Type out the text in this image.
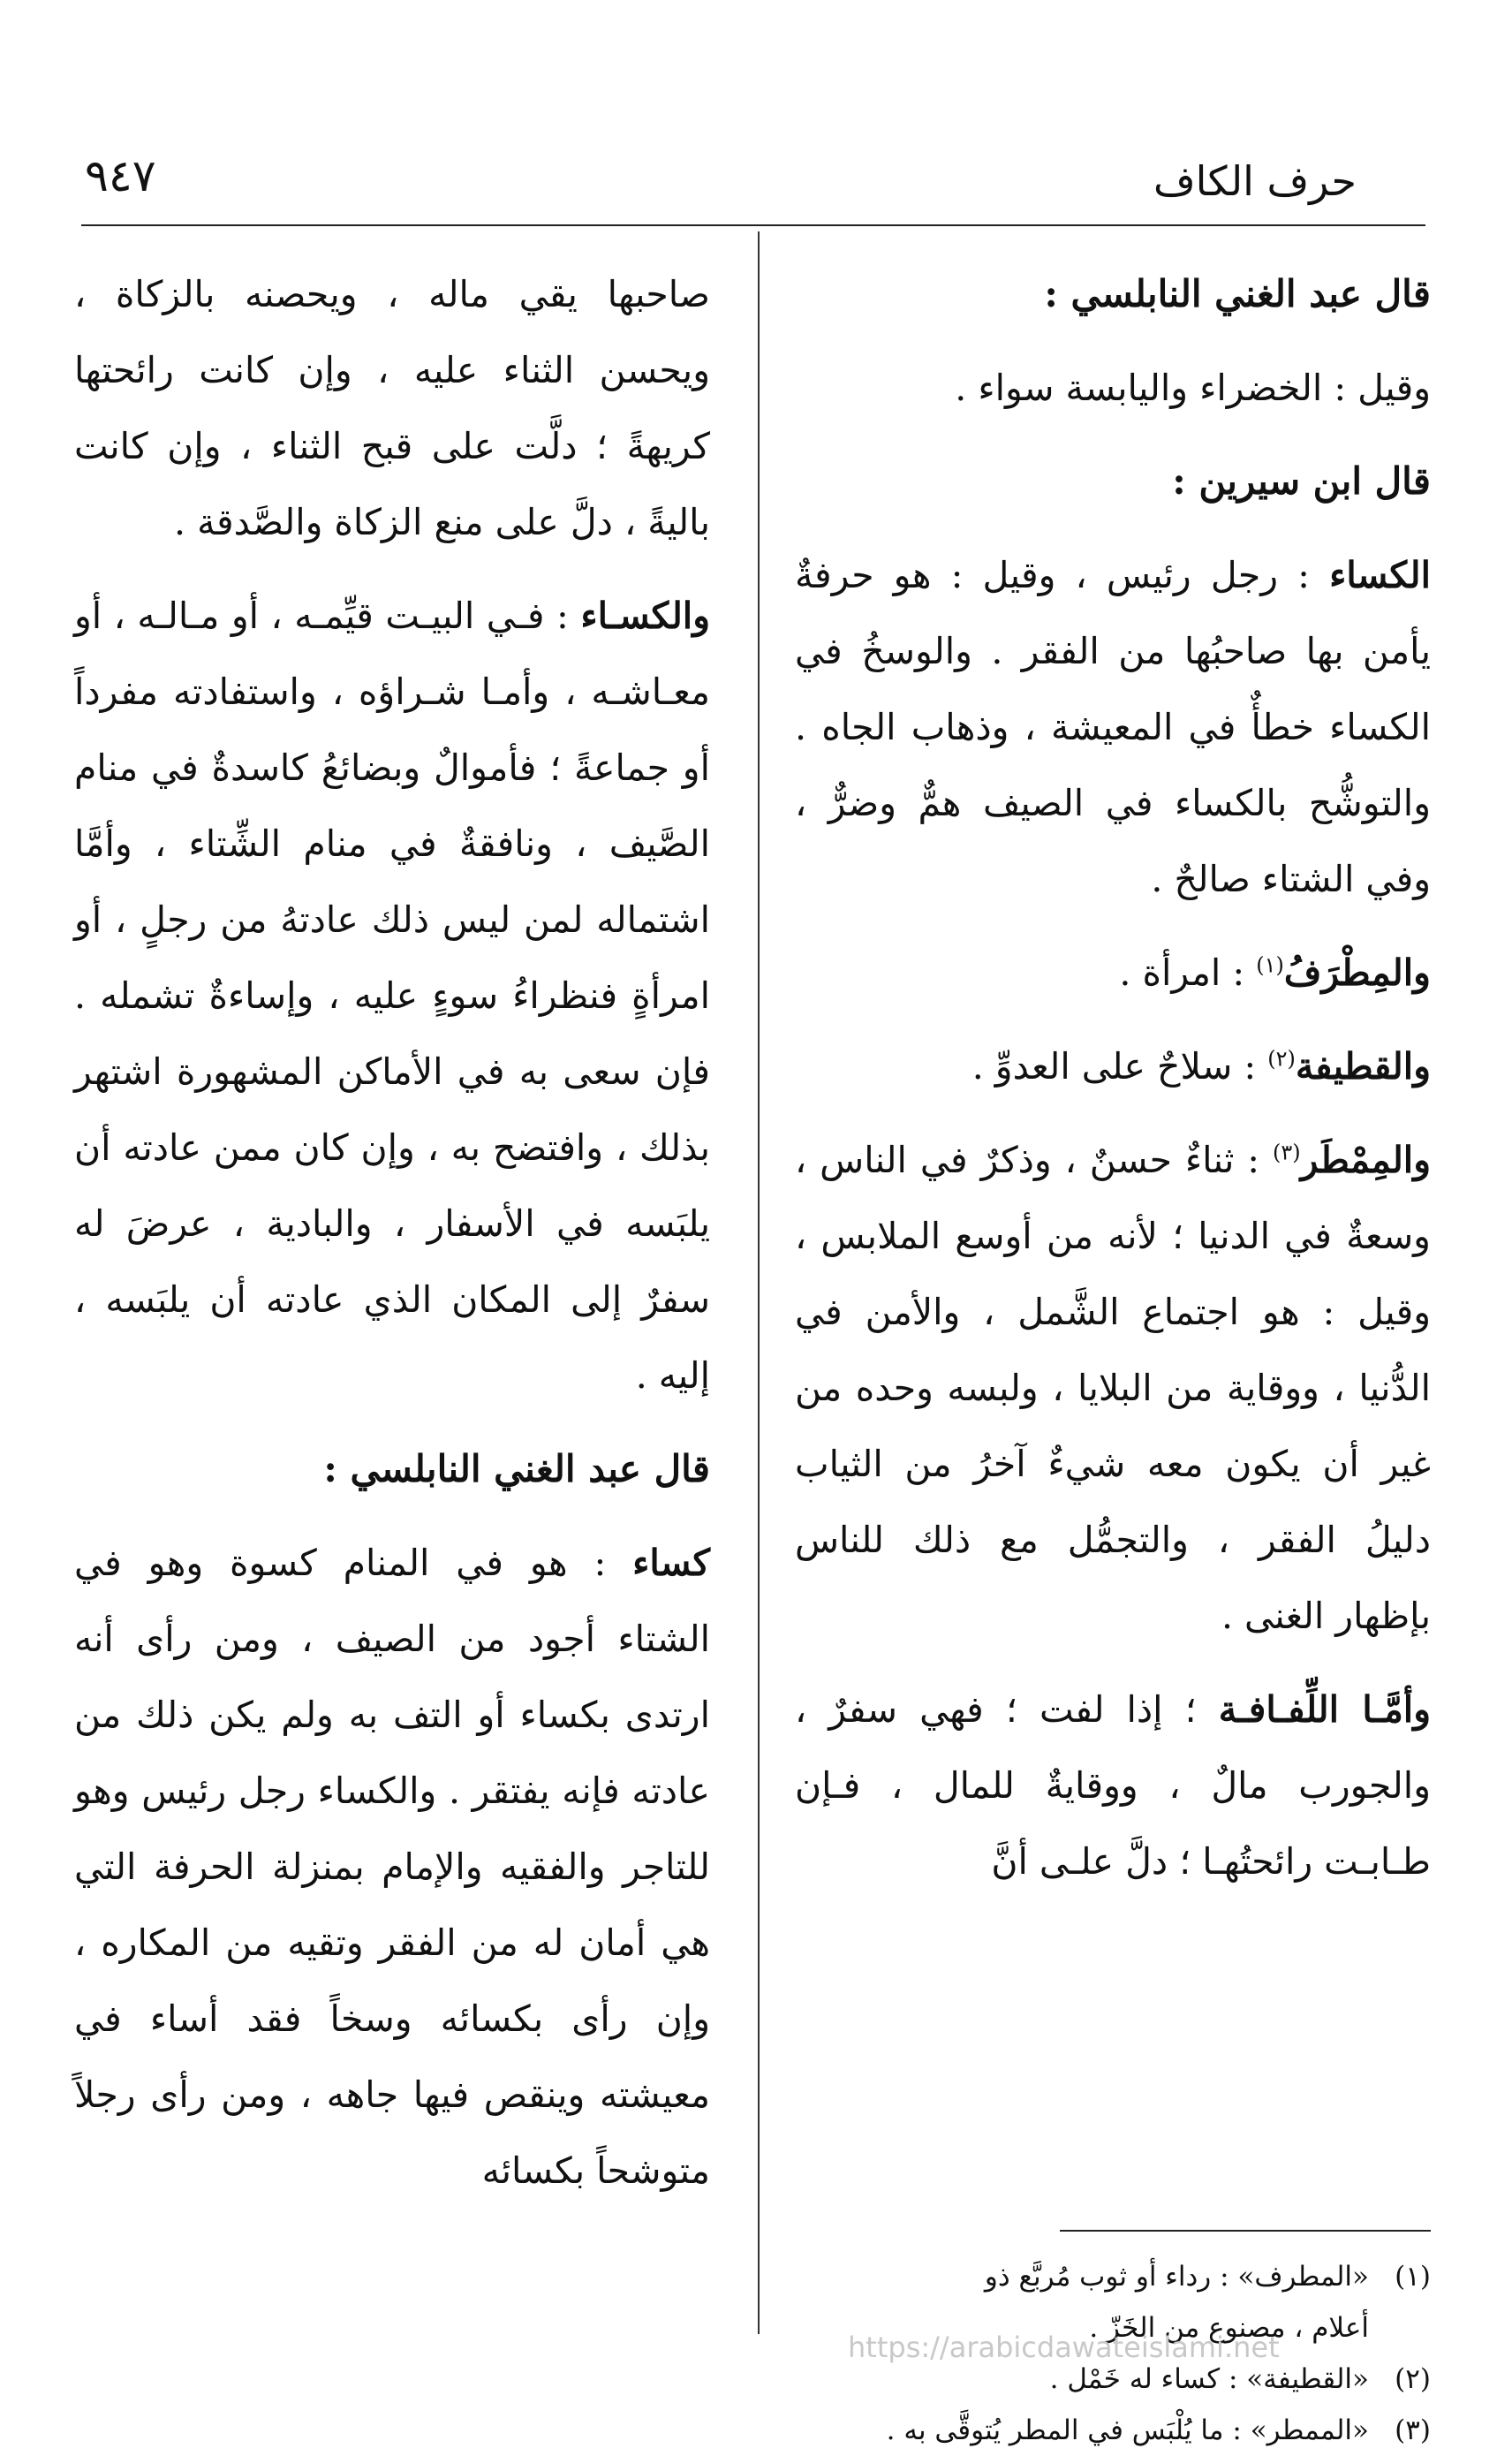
حرف الكاف
٩٤٧
قال عبد الغني النابلسي :
وقيل : الخضراء واليابسة سواء .
قال ابن سيرين :
الكساء : رجل رئيس ، وقيل : هو حرفةٌ يأمن بها صاحبُها من الفقر . والوسخُ في الكساء خطأٌ في المعيشة ، وذهاب الجاه . والتوشُّح بالكساء في الصيف همٌّ وضرٌّ ، وفي الشتاء صالحٌ .
والمِطْرَفُ$^{(١)}$ : امرأة .
والقطيفة$^{(٢)}$ : سلاحٌ على العدوِّ .
والمِمْطَر$^{(٣)}$ : ثناءٌ حسنٌ ، وذكرٌ في الناس ، وسعةٌ في الدنيا ؛ لأنه من أوسع الملابس ، وقيل : هو اجتماع الشَّمل ، والأمن في الدُّنيا ، ووقاية من البلايا ، ولبسه وحده من غير أن يكون معه شيءٌ آخرُ من الثياب دليلُ الفقر ، والتجمُّل مع ذلك للناس بإظهار الغنى .
وأمَّـا اللِّفـافـة ؛ إذا لفت ؛ فهي سفرٌ ، والجورب مالٌ ، ووقايةٌ للمال ، فـإن طـابـت رائحتُهـا ؛ دلَّ علـى أنَّ
صاحبها يقي ماله ، ويحصنه بالزكاة ، ويحسن الثناء عليه ، وإن كانت رائحتها كريهةً ؛ دلَّت على قبح الثناء ، وإن كانت باليةً ، دلَّ على منع الزكاة والصَّدقة .
والكسـاء : فـي البيـت قيِّمـه ، أو مـالـه ، أو معـاشـه ، وأمـا شـراؤه ، واستفادته مفرداً أو جماعةً ؛ فأموالٌ وبضائعُ كاسدةٌ في منام الصَّيف ، ونافقةٌ في منام الشِّتاء ، وأمَّا اشتماله لمن ليس ذلك عادتهُ من رجلٍ ، أو امرأةٍ فنظراءُ سوءٍ عليه ، وإساءةٌ تشمله . فإن سعى به في الأماكن المشهورة اشتهر بذلك ، وافتضح به ، وإن كان ممن عادته أن يلبَسه في الأسفار ، والبادية ، عرضَ له سفرٌ إلى المكان الذي عادته أن يلبَسه ، إليه .
قال عبد الغني النابلسي :
كساء : هو في المنام كسوة وهو في الشتاء أجود من الصيف ، ومن رأى أنه ارتدى بكساء أو التف به ولم يكن ذلك من عادته فإنه يفتقر . والكساء رجل رئيس وهو للتاجر والفقيه والإمام بمنزلة الحرفة التي هي أمان له من الفقر وتقيه من المكاره ، وإن رأى بكسائه وسخاً فقد أساء في معيشته وينقص فيها جاهه ، ومن رأى رجلاً متوشحاً بكسائه
(١)«المطرف» : رداء أو ثوب مُربَّع ذو
أعلام ، مصنوع من الخَزّ .
(٢)«القطيفة» : كساء له خَمْل .
(٣)«الممطر» : ما يُلْبَس في المطر يُتوقَّى به .
https://arabicdawateislami.net
